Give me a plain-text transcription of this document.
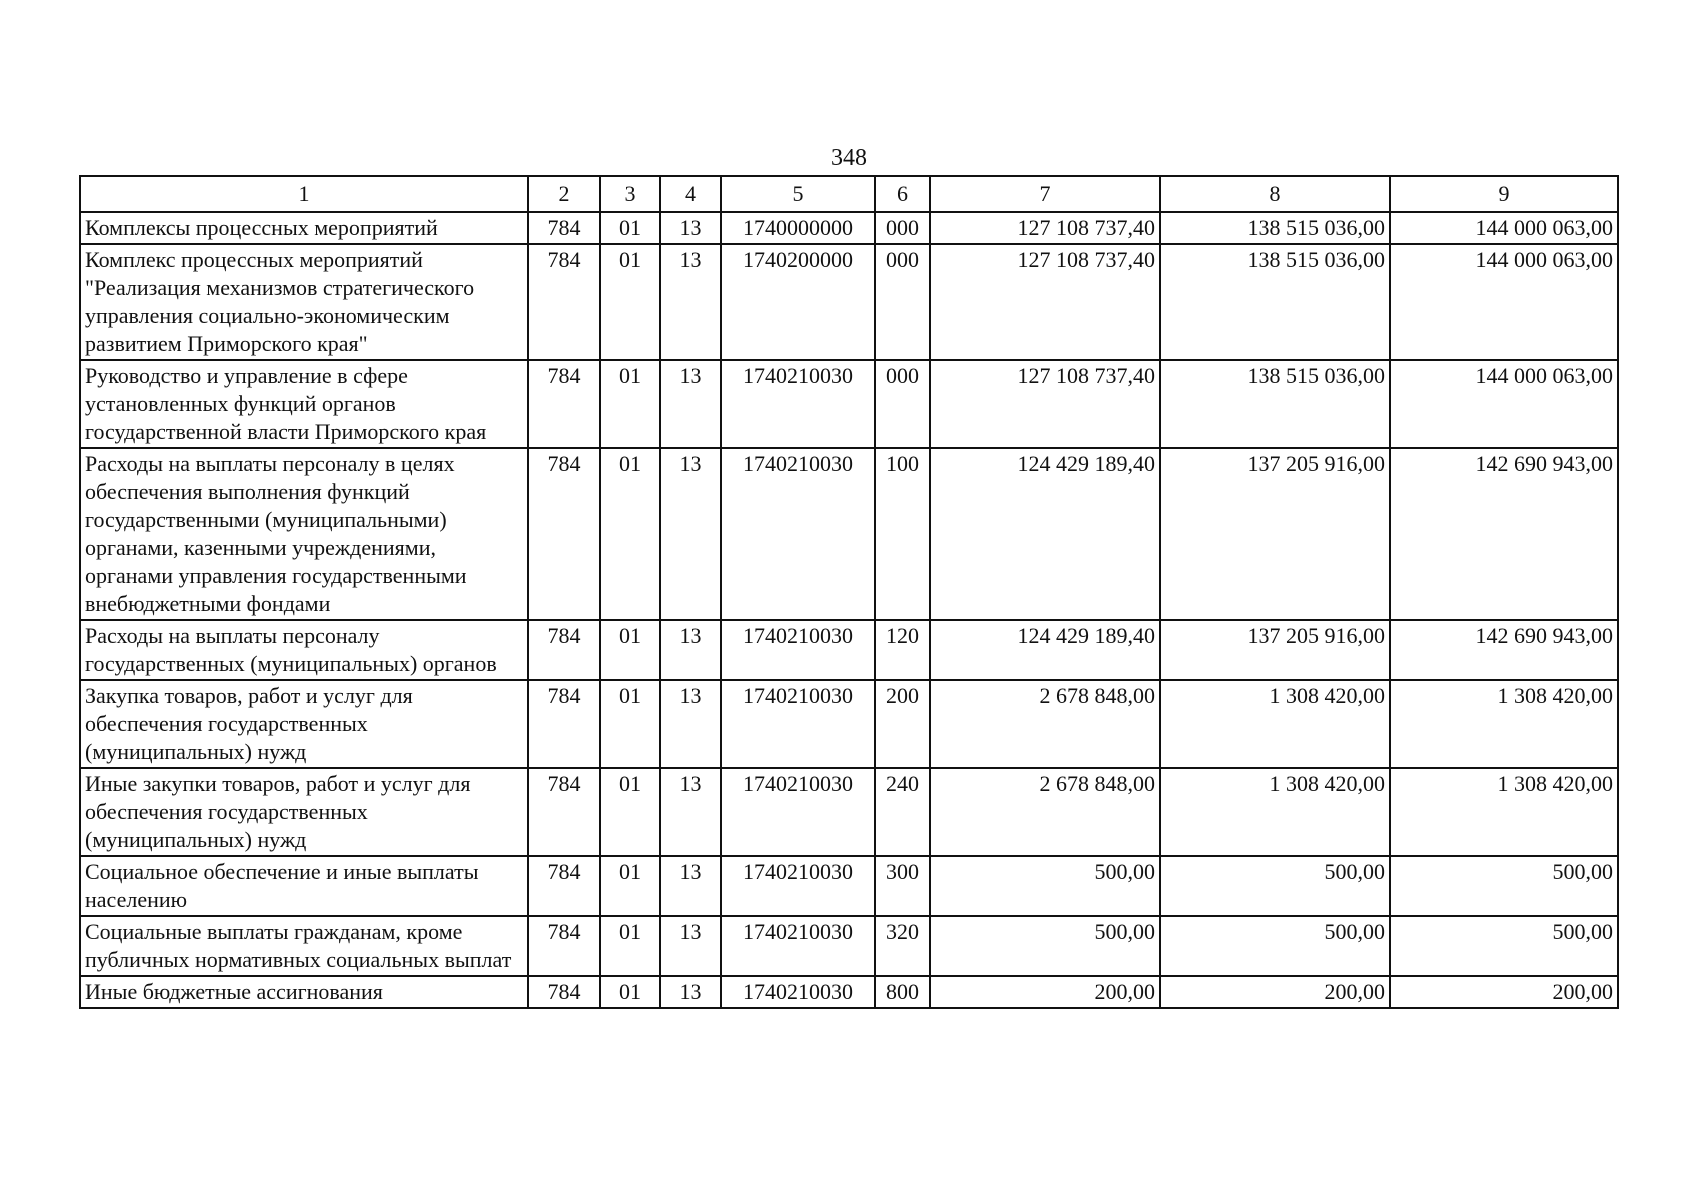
348
1	2	3	4	5	6	7	8	9
Комплексы процессных мероприятий	784	01	13	1740000000	000	127 108 737,40	138 515 036,00	144 000 063,00
Комплекс процессных мероприятий "Реализация механизмов стратегического управления социально-экономическим развитием Приморского края"	784	01	13	1740200000	000	127 108 737,40	138 515 036,00	144 000 063,00
Руководство и управление в сфере установленных функций органов государственной власти Приморского края	784	01	13	1740210030	000	127 108 737,40	138 515 036,00	144 000 063,00
Расходы на выплаты персоналу в целях обеспечения выполнения функций государственными (муниципальными) органами, казенными учреждениями, органами управления государственными внебюджетными фондами	784	01	13	1740210030	100	124 429 189,40	137 205 916,00	142 690 943,00
Расходы на выплаты персоналу государственных (муниципальных) органов	784	01	13	1740210030	120	124 429 189,40	137 205 916,00	142 690 943,00
Закупка товаров, работ и услуг для обеспечения государственных (муниципальных) нужд	784	01	13	1740210030	200	2 678 848,00	1 308 420,00	1 308 420,00
Иные закупки товаров, работ и услуг для обеспечения государственных (муниципальных) нужд	784	01	13	1740210030	240	2 678 848,00	1 308 420,00	1 308 420,00
Социальное обеспечение и иные выплаты населению	784	01	13	1740210030	300	500,00	500,00	500,00
Социальные выплаты гражданам, кроме публичных нормативных социальных выплат	784	01	13	1740210030	320	500,00	500,00	500,00
Иные бюджетные ассигнования	784	01	13	1740210030	800	200,00	200,00	200,00
